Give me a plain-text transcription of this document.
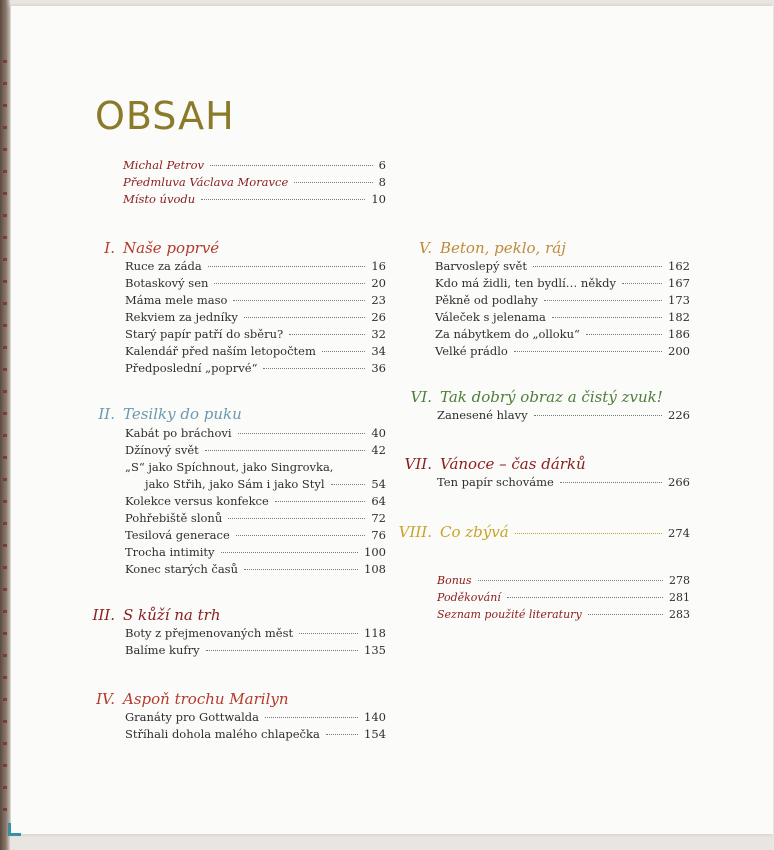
OBSAH
Michal Petrov	6
Předmluva Václava Moravce	8
Místo úvodu	10
I. Naše poprvé
Ruce za záda	16
Botaskový sen	20
Máma mele maso	23
Rekviem za jedníky	26
Starý papír patří do sběru?	32
Kalendář před naším letopočtem	34
Předposlední „poprvé“	36
II. Tesilky do puku
Kabát po bráchovi	40
Džínový svět	42
„S“ jako Spíchnout, jako Singrovka,
jako Střih, jako Sám i jako Styl	54
Kolekce versus konfekce	64
Pohřebiště slonů	72
Tesilová generace	76
Trocha intimity	100
Konec starých časů	108
III. S kůží na trh
Boty z přejmenovaných měst	118
Balíme kufry	135
IV. Aspoň trochu Marilyn
Granáty pro Gottwalda	140
Stříhali dohola malého chlapečka	154
V. Beton, peklo, ráj
Barvoslepý svět	162
Kdo má židli, ten bydlí… někdy	167
Pěkně od podlahy	173
Váleček s jelenama	182
Za nábytkem do „olloku“	186
Velké prádlo	200
VI. Tak dobrý obraz a čistý zvuk!
Zanesené hlavy	226
VII. Vánoce – čas dárků
Ten papír schováme	266
VIII. Co zbývá	274
Bonus	278
Poděkování	281
Seznam použité literatury	283
